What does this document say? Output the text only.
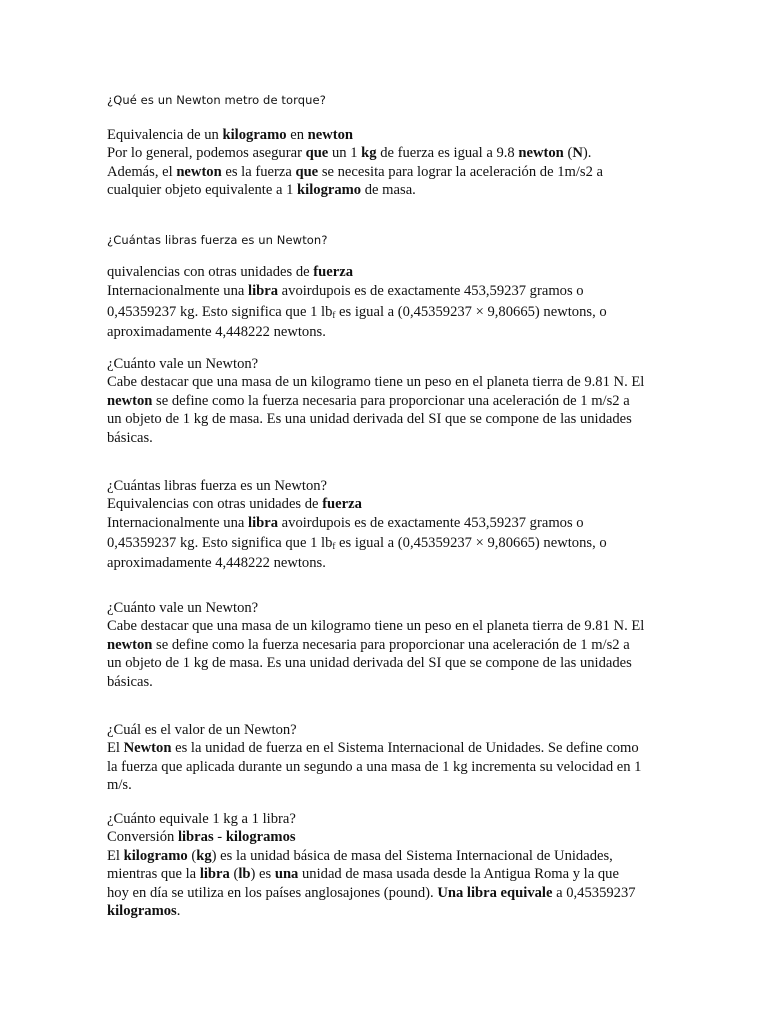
¿Qué es un Newton metro de torque?
Equivalencia de un kilogramo en newton
Por lo general, podemos asegurar que un 1 kg de fuerza es igual a 9.8 newton (N).
Además, el newton es la fuerza que se necesita para lograr la aceleración de 1m/s2 a
cualquier objeto equivalente a 1 kilogramo de masa.
¿Cuántas libras fuerza es un Newton?
quivalencias con otras unidades de fuerza
Internacionalmente una libra avoirdupois es de exactamente 453,59237 gramos o
0,45359237 kg. Esto significa que 1 $lb_f$ es igual a (0,45359237 × 9,80665) newtons, o
aproximadamente 4,448222 newtons.
¿Cuánto vale un Newton?
Cabe destacar que una masa de un kilogramo tiene un peso en el planeta tierra de 9.81 N. El
newton se define como la fuerza necesaria para proporcionar una aceleración de 1 m/s2 a
un objeto de 1 kg de masa. Es una unidad derivada del SI que se compone de las unidades
básicas.
¿Cuántas libras fuerza es un Newton?
Equivalencias con otras unidades de fuerza
Internacionalmente una libra avoirdupois es de exactamente 453,59237 gramos o
0,45359237 kg. Esto significa que 1 $lb_f$ es igual a (0,45359237 × 9,80665) newtons, o
aproximadamente 4,448222 newtons.
¿Cuánto vale un Newton?
Cabe destacar que una masa de un kilogramo tiene un peso en el planeta tierra de 9.81 N. El
newton se define como la fuerza necesaria para proporcionar una aceleración de 1 m/s2 a
un objeto de 1 kg de masa. Es una unidad derivada del SI que se compone de las unidades
básicas.
¿Cuál es el valor de un Newton?
El Newton es la unidad de fuerza en el Sistema Internacional de Unidades. Se define como
la fuerza que aplicada durante un segundo a una masa de 1 kg incrementa su velocidad en 1
m/s.
¿Cuánto equivale 1 kg a 1 libra?
Conversión libras - kilogramos
El kilogramo (kg) es la unidad básica de masa del Sistema Internacional de Unidades,
mientras que la libra (lb) es una unidad de masa usada desde la Antigua Roma y la que
hoy en día se utiliza en los países anglosajones (pound). Una libra equivale a 0,45359237
kilogramos.
